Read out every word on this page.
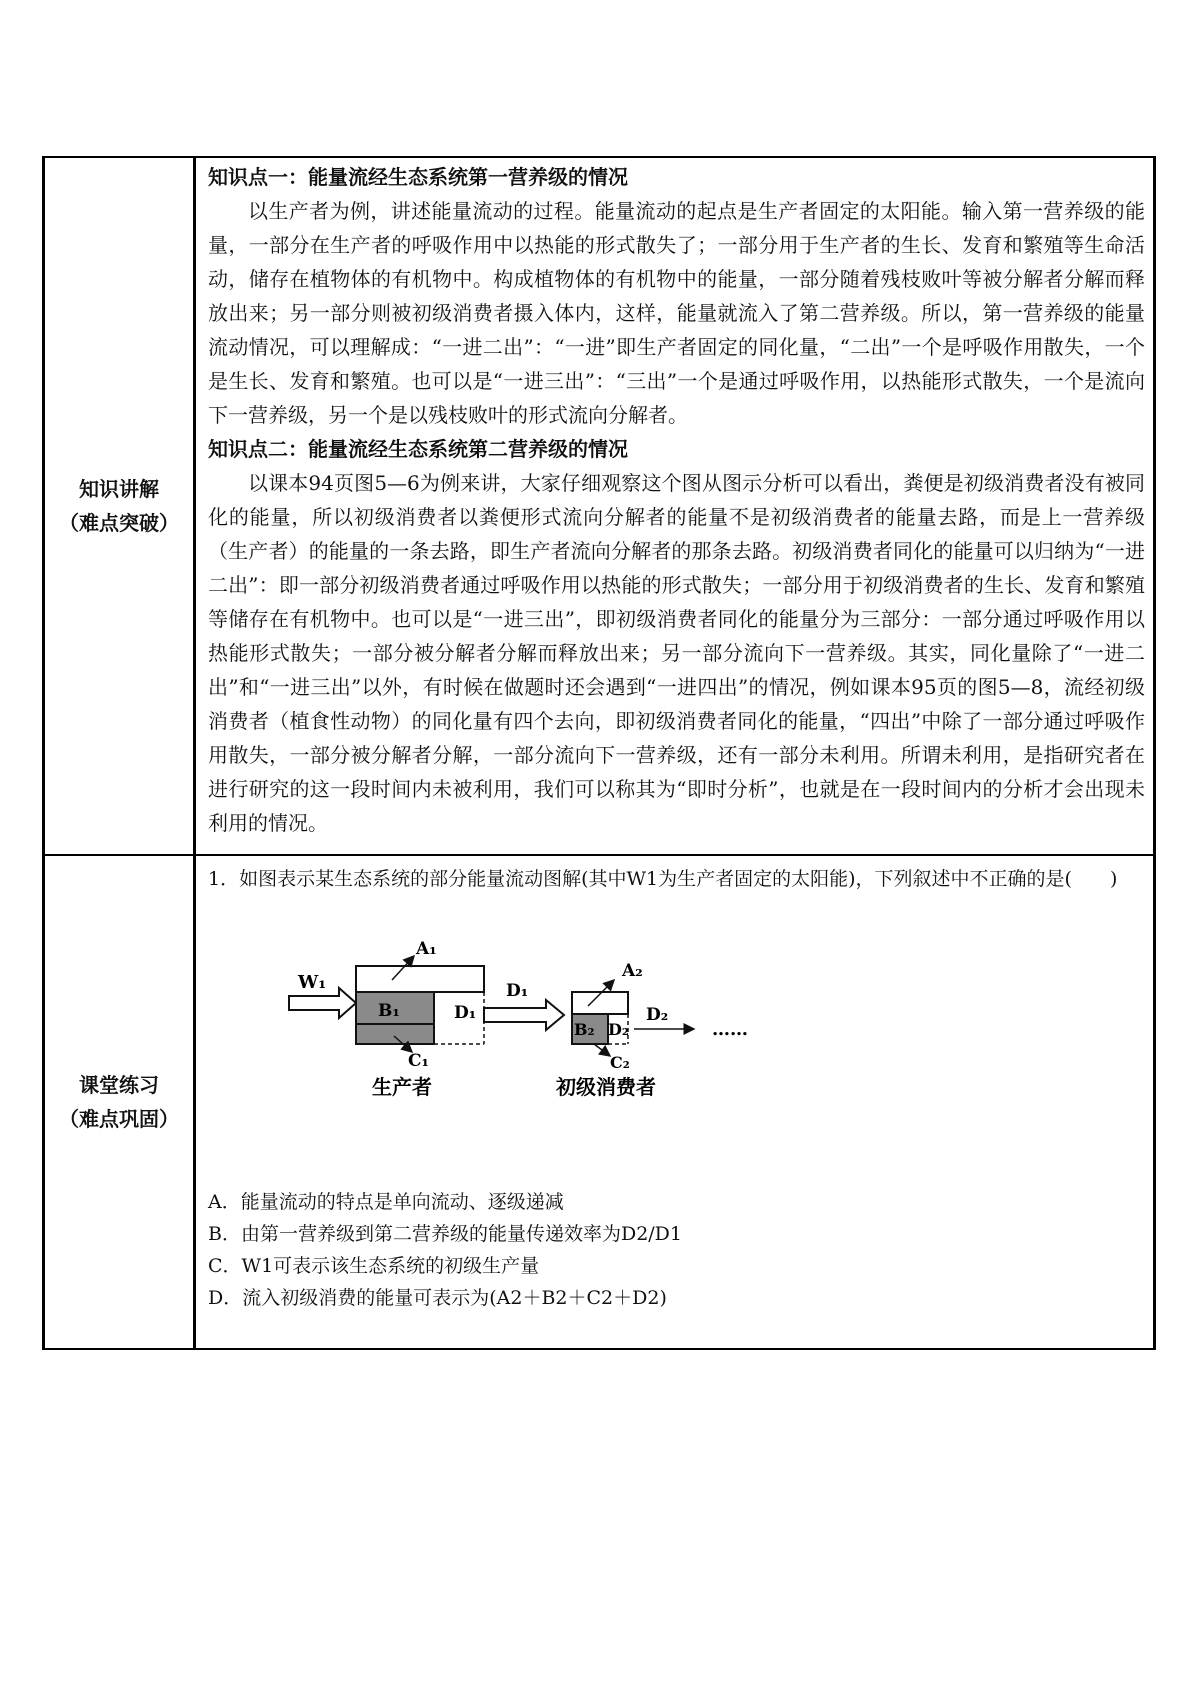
知识讲解
（难点突破）

知识点一：能量流经生态系统第一营养级的情况

以生产者为例，讲述能量流动的过程。能量流动的起点是生产者固定的太阳能。输入第一营养级的能量，一部分在生产者的呼吸作用中以热能的形式散失了；一部分用于生产者的生长、发育和繁殖等生命活动，储存在植物体的有机物中。构成植物体的有机物中的能量，一部分随着残枝败叶等被分解者分解而释放出来；另一部分则被初级消费者摄入体内，这样，能量就流入了第二营养级。所以，第一营养级的能量流动情况，可以理解成：“一进二出”：“一进”即生产者固定的同化量，“二出”一个是呼吸作用散失，一个是生长、发育和繁殖。也可以是“一进三出”：“三出”一个是通过呼吸作用，以热能形式散失，一个是流向下一营养级，另一个是以残枝败叶的形式流向分解者。

知识点二：能量流经生态系统第二营养级的情况

以课本94页图5—6为例来讲，大家仔细观察这个图从图示分析可以看出，粪便是初级消费者没有被同化的能量，所以初级消费者以粪便形式流向分解者的能量不是初级消费者的能量去路，而是上一营养级（生产者）的能量的一条去路，即生产者流向分解者的那条去路。初级消费者同化的能量可以归纳为“一进二出”：即一部分初级消费者通过呼吸作用以热能的形式散失；一部分用于初级消费者的生长、发育和繁殖等储存在有机物中。也可以是“一进三出”，即初级消费者同化的能量分为三部分：一部分通过呼吸作用以热能形式散失；一部分被分解者分解而释放出来；另一部分流向下一营养级。其实，同化量除了“一进二出”和“一进三出”以外，有时候在做题时还会遇到“一进四出”的情况，例如课本95页的图5—8，流经初级消费者（植食性动物）的同化量有四个去向，即初级消费者同化的能量，“四出”中除了一部分通过呼吸作用散失，一部分被分解者分解，一部分流向下一营养级，还有一部分未利用。所谓未利用，是指研究者在进行研究的这一段时间内未被利用，我们可以称其为“即时分析”，也就是在一段时间内的分析才会出现未利用的情况。

课堂练习
（难点巩固）

1．如图表示某生态系统的部分能量流动图解(其中W1为生产者固定的太阳能)，下列叙述中不正确的是(　　)

W₁
A₁
B₁
C₁
D₁
D₁
A₂
B₂ D₂
C₂
D₂
……
生产者	初级消费者

A．能量流动的特点是单向流动、逐级递减

B．由第一营养级到第二营养级的能量传递效率为D2/D1

C．W1可表示该生态系统的初级生产量

D．流入初级消费的能量可表示为(A2＋B2＋C2＋D2)
